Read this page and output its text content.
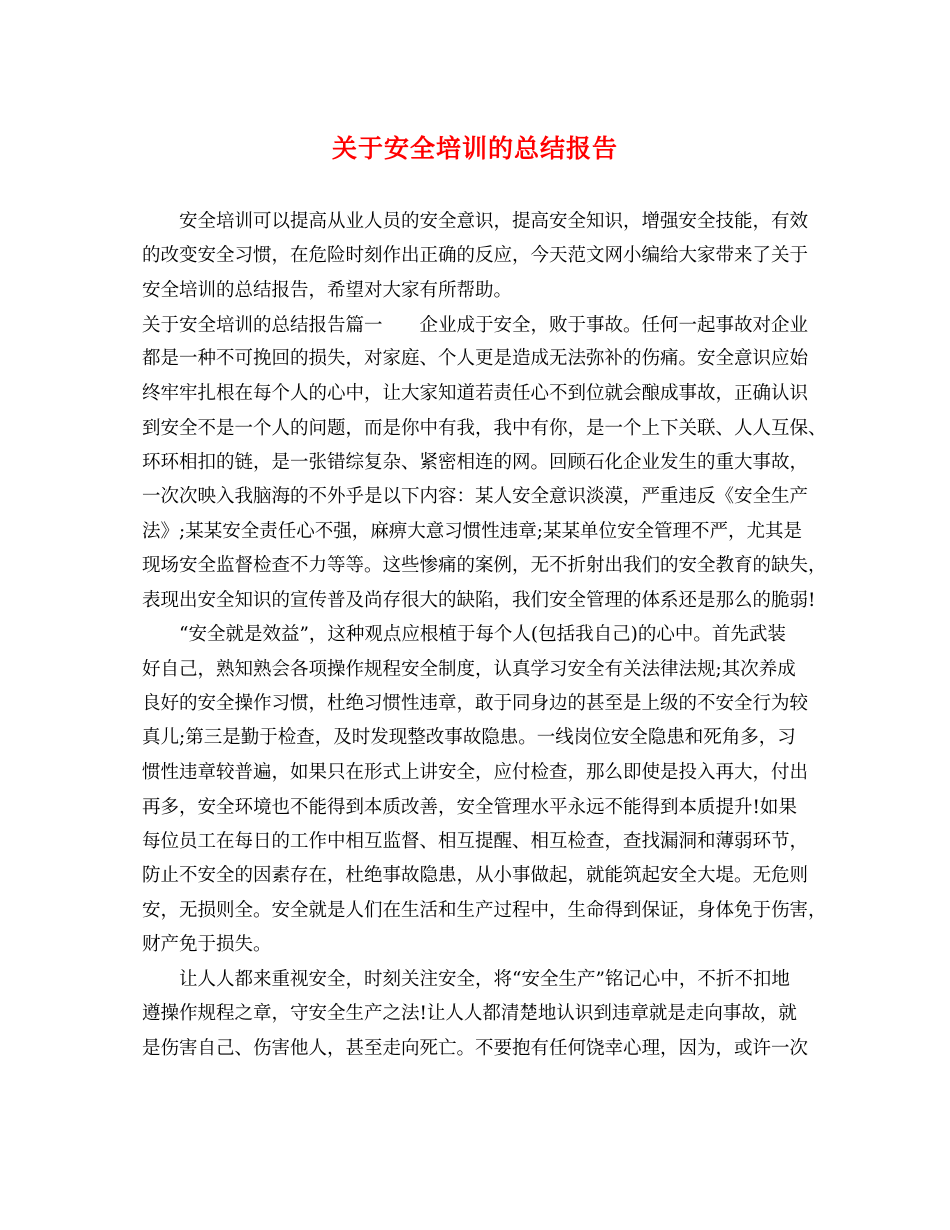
关于安全培训的总结报告
安全培训可以提高从业人员的安全意识，提高安全知识，增强安全技能，有效
的改变安全习惯，在危险时刻作出正确的反应，今天范文网小编给大家带来了关于
安全培训的总结报告，希望对大家有所帮助。
关于安全培训的总结报告篇一　　企业成于安全，败于事故。任何一起事故对企业
都是一种不可挽回的损失，对家庭、个人更是造成无法弥补的伤痛。安全意识应始
终牢牢扎根在每个人的心中，让大家知道若责任心不到位就会酿成事故，正确认识
到安全不是一个人的问题，而是你中有我，我中有你，是一个上下关联、人人互保、
环环相扣的链，是一张错综复杂、紧密相连的网。回顾石化企业发生的重大事故，
一次次映入我脑海的不外乎是以下内容：某人安全意识淡漠，严重违反《安全生产
法》;某某安全责任心不强，麻痹大意习惯性违章;某某单位安全管理不严，尤其是
现场安全监督检查不力等等。这些惨痛的案例，无不折射出我们的安全教育的缺失，
表现出安全知识的宣传普及尚存很大的缺陷，我们安全管理的体系还是那么的脆弱!
“安全就是效益”，这种观点应根植于每个人(包括我自己)的心中。首先武装
好自己，熟知熟会各项操作规程安全制度，认真学习安全有关法律法规;其次养成
良好的安全操作习惯，杜绝习惯性违章，敢于同身边的甚至是上级的不安全行为较
真儿;第三是勤于检查，及时发现整改事故隐患。一线岗位安全隐患和死角多，习
惯性违章较普遍，如果只在形式上讲安全，应付检查，那么即使是投入再大，付出
再多，安全环境也不能得到本质改善，安全管理水平永远不能得到本质提升!如果
每位员工在每日的工作中相互监督、相互提醒、相互检查，查找漏洞和薄弱环节，
防止不安全的因素存在，杜绝事故隐患，从小事做起，就能筑起安全大堤。无危则
安，无损则全。安全就是人们在生活和生产过程中，生命得到保证，身体免于伤害，
财产免于损失。
让人人都来重视安全，时刻关注安全，将“安全生产”铭记心中，不折不扣地
遵操作规程之章，守安全生产之法!让人人都清楚地认识到违章就是走向事故，就
是伤害自己、伤害他人，甚至走向死亡。不要抱有任何饶幸心理，因为，或许一次
